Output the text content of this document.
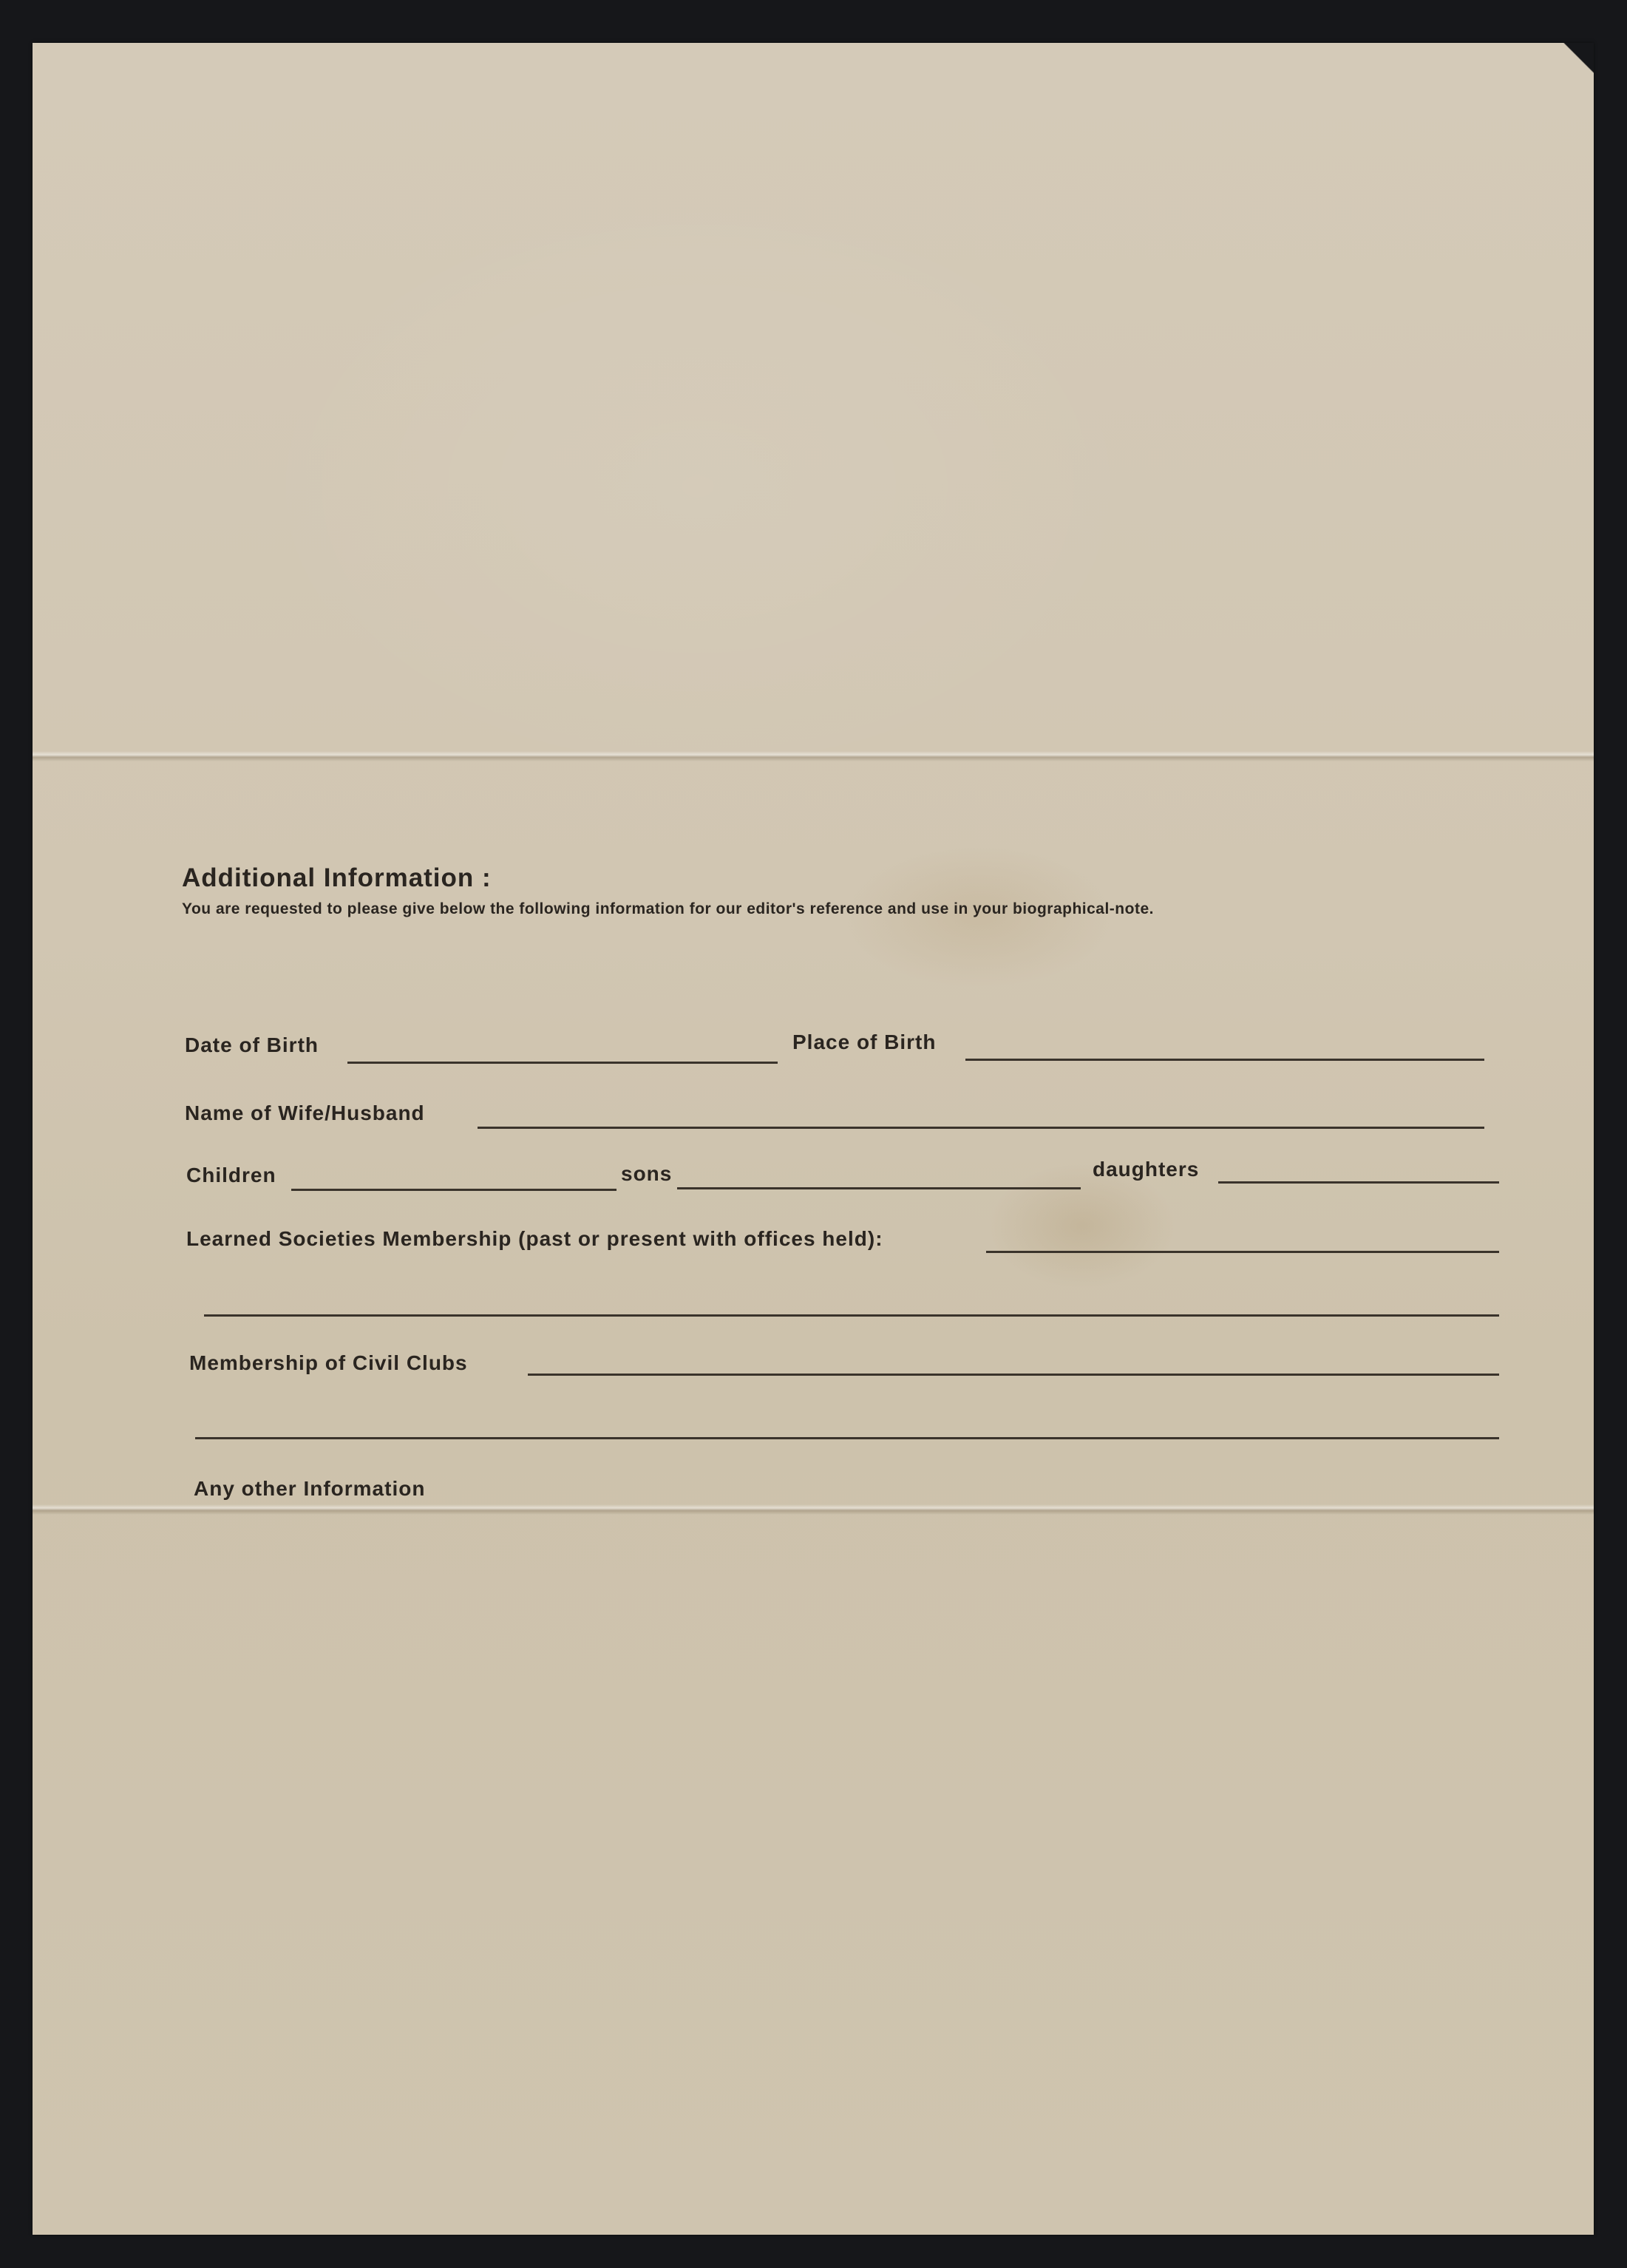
Additional Information :

You are requested to please give below the following information for our editor's reference and use in your biographical-note.

Date of Birth	Place of Birth
Name of Wife/Husband
Children	sons	daughters
Learned Societies Membership (past or present with offices held):
Membership of Civil Clubs
Any other Information
